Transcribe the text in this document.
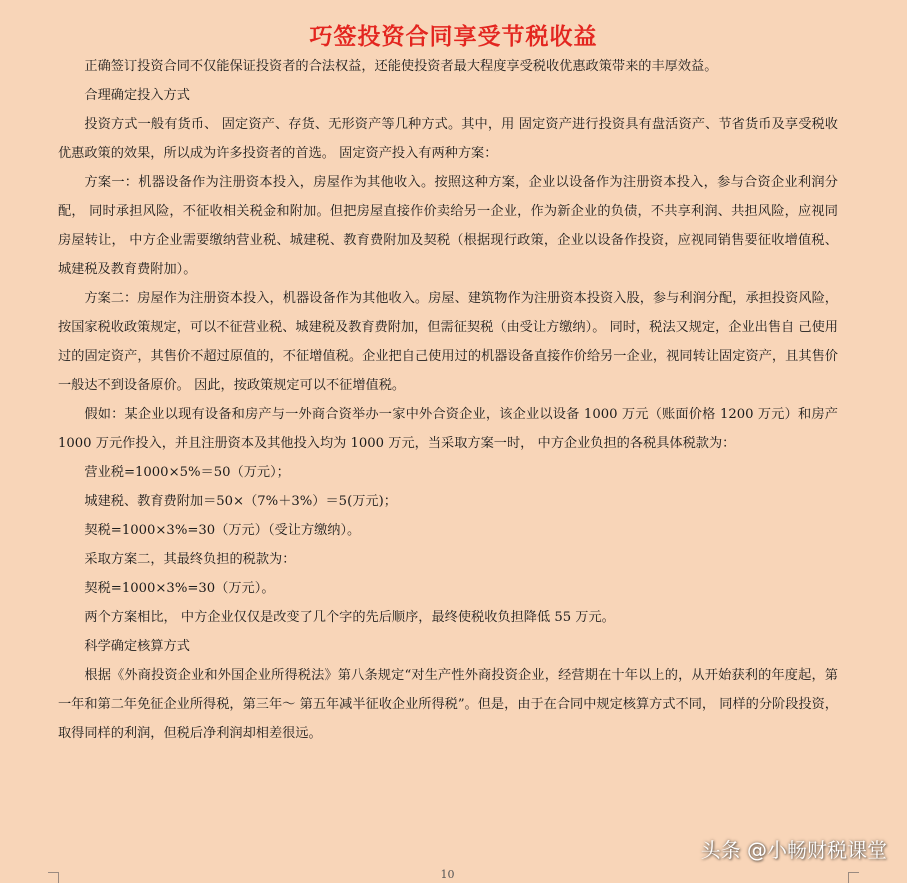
巧签投资合同享受节税收益

正确签订投资合同不仅能保证投资者的合法权益，还能使投资者最大程度享受税收优惠政策带来的丰厚效益。

合理确定投入方式

投资方式一般有货币、 固定资产、存货、无形资产等几种方式。其中，用 固定资产进行投资具有盘活资产、节省货币及享受税收优惠政策的效果，所以成为许多投资者的首选。 固定资产投入有两种方案：

方案一：机器设备作为注册资本投入，房屋作为其他收入。按照这种方案，企业以设备作为注册资本投入，参与合资企业利润分配， 同时承担风险，不征收相关税金和附加。但把房屋直接作价卖给另一企业，作为新企业的负债，不共享利润、共担风险，应视同房屋转让， 中方企业需要缴纳营业税、城建税、教育费附加及契税（根据现行政策，企业以设备作投资，应视同销售要征收增值税、城建税及教育费附加）。

方案二：房屋作为注册资本投入，机器设备作为其他收入。房屋、建筑物作为注册资本投资入股，参与利润分配，承担投资风险，按国家税收政策规定，可以不征营业税、城建税及教育费附加，但需征契税（由受让方缴纳）。 同时，税法又规定，企业出售自 己使用过的固定资产，其售价不超过原值的，不征增值税。企业把自己使用过的机器设备直接作价给另一企业，视同转让固定资产，且其售价一般达不到设备原价。 因此，按政策规定可以不征增值税。

假如：某企业以现有设备和房产与一外商合资举办一家中外合资企业，该企业以设备 1000 万元（账面价格 1200 万元）和房产 1000 万元作投入，并且注册资本及其他投入均为 1000 万元，当采取方案一时， 中方企业负担的各税具体税款为：

营业税=1000×5%＝50（万元）；

城建税、教育费附加＝50×（7%＋3%）＝5(万元)；

契税=1000×3%=30（万元）（受让方缴纳）。

采取方案二，其最终负担的税款为：

契税=1000×3%=30（万元）。

两个方案相比， 中方企业仅仅是改变了几个字的先后顺序，最终使税收负担降低 55 万元。

科学确定核算方式

根据《外商投资企业和外国企业所得税法》第八条规定“对生产性外商投资企业，经营期在十年以上的，从开始获利的年度起，第一年和第二年免征企业所得税，第三年～ 第五年减半征收企业所得税”。但是，由于在合同中规定核算方式不同， 同样的分阶段投资，取得同样的利润，但税后净利润却相差很远。

10
头条 @小畅财税课堂
